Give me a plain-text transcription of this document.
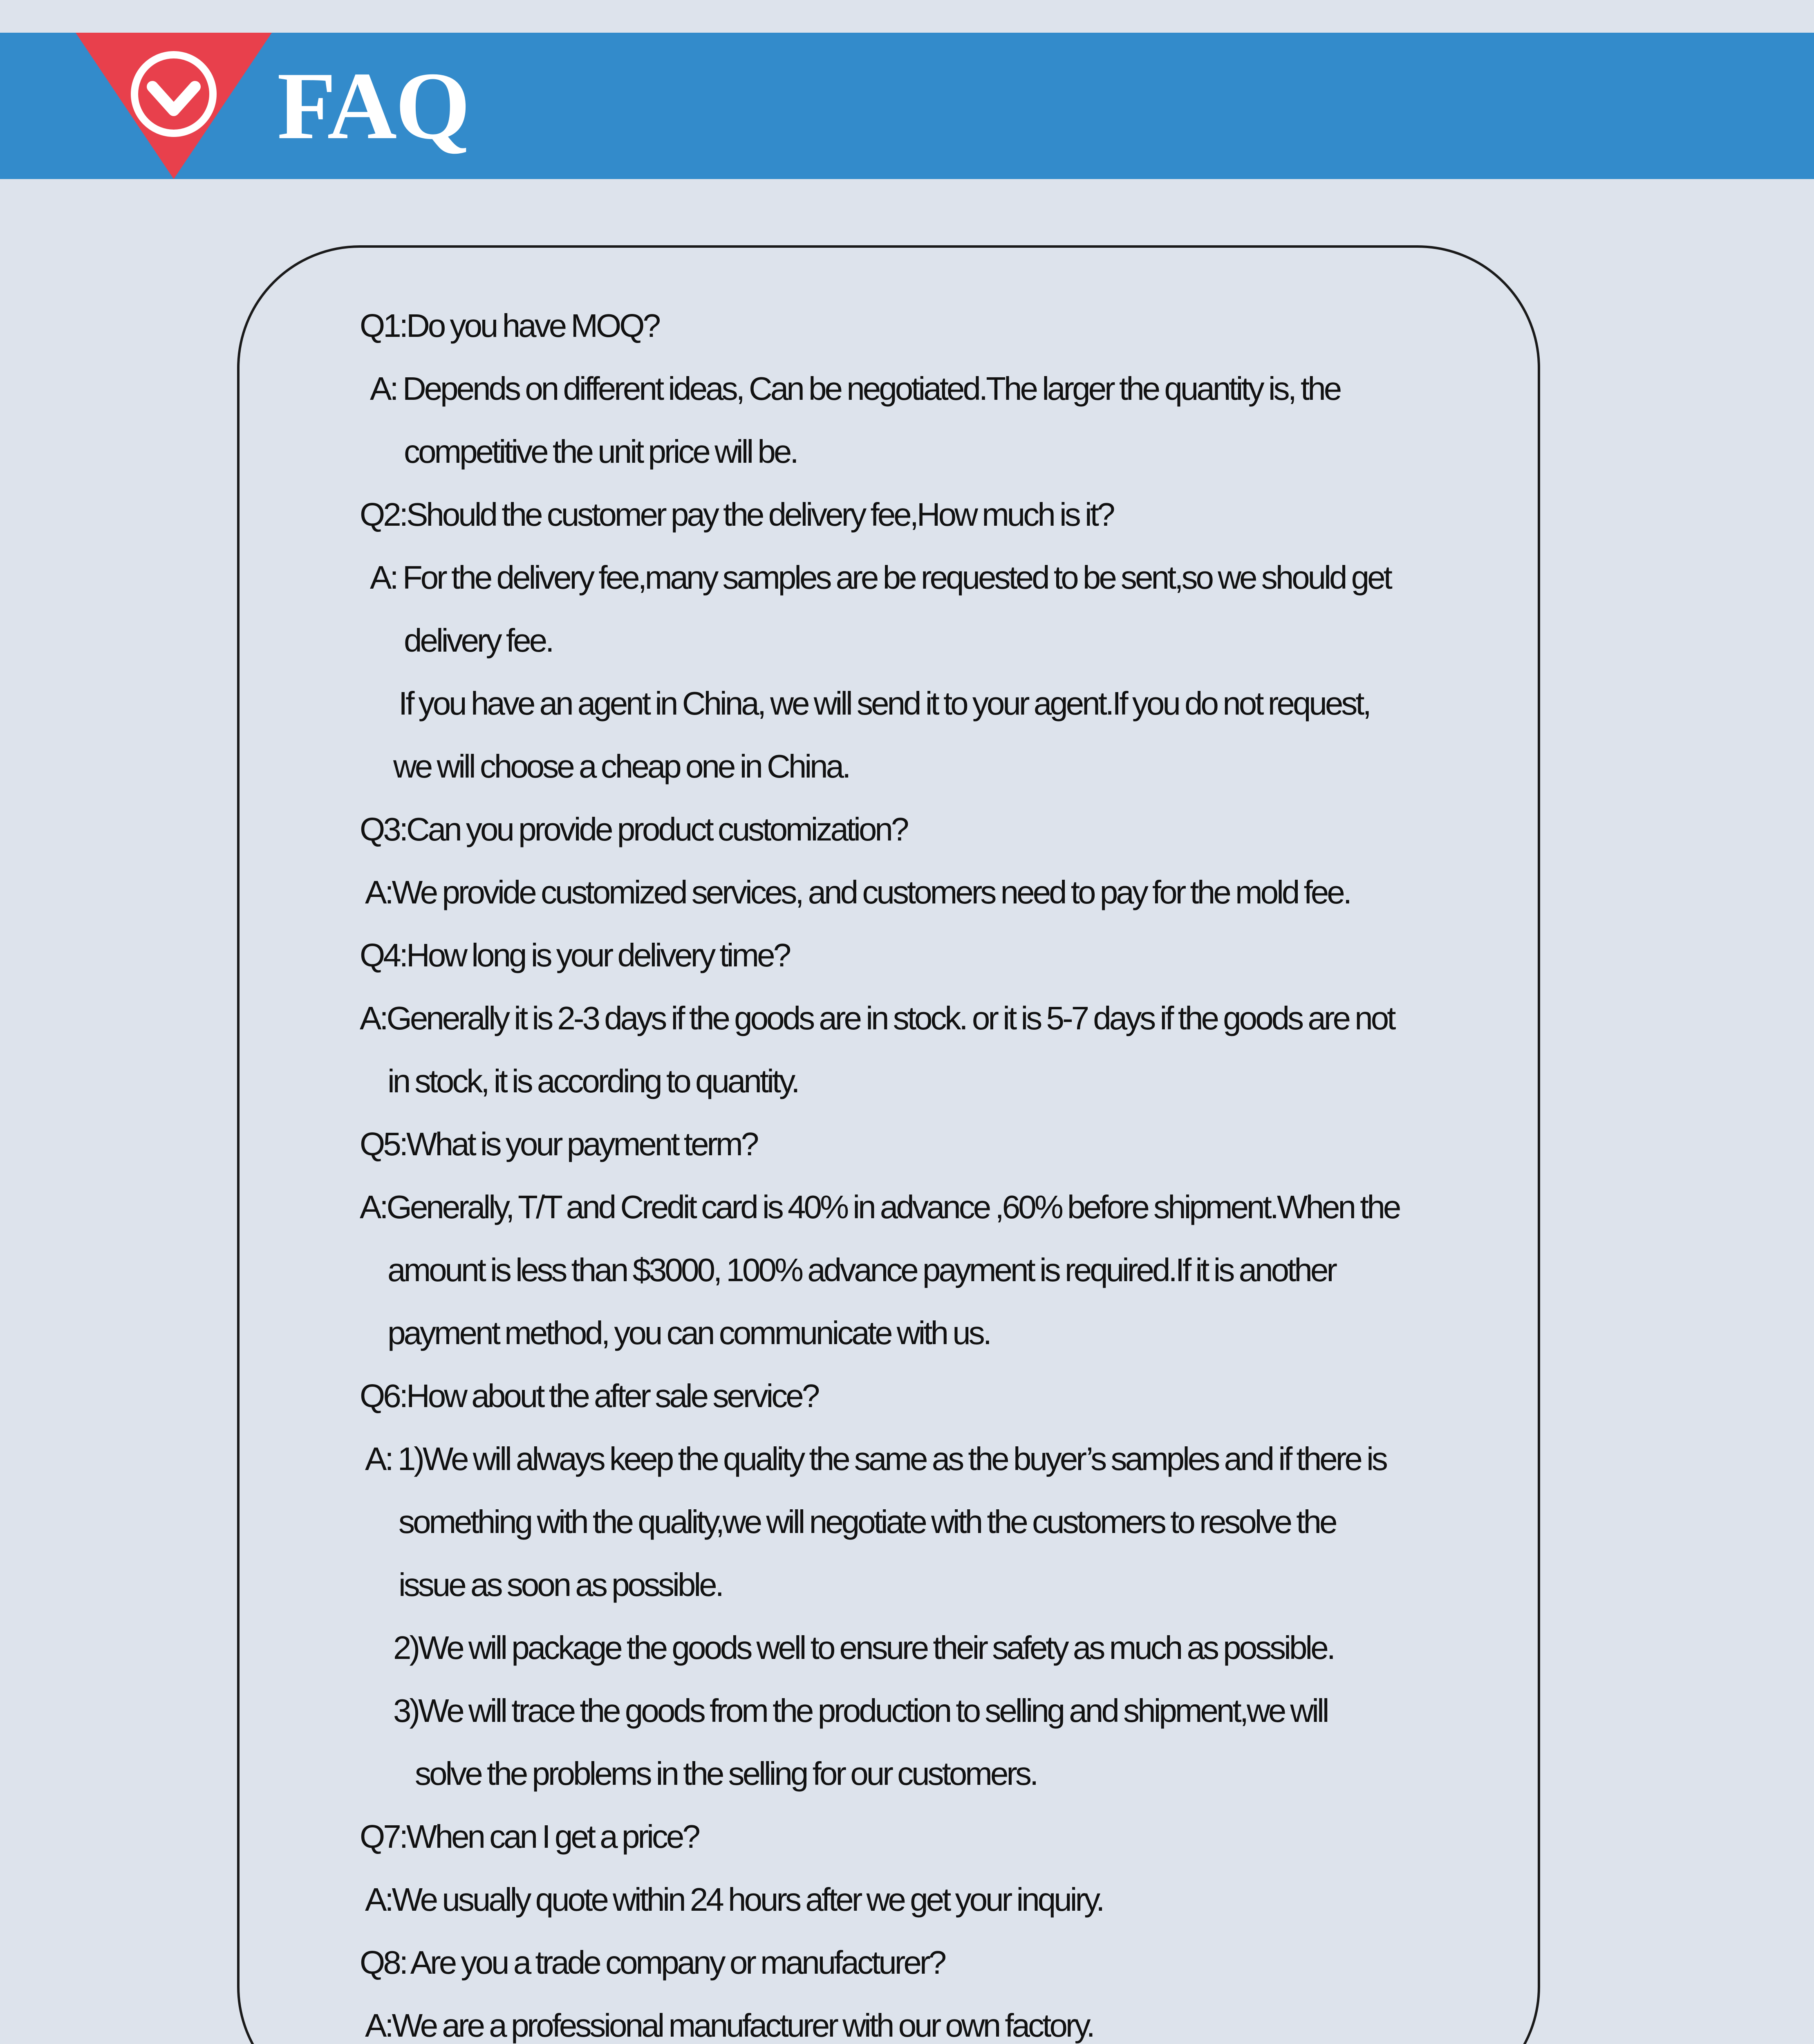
FAQ
Q1:Do you have MOQ?
A: Depends on different ideas, Can be negotiated.The larger the quantity is, the
competitive the unit price will be.
Q2:Should the customer pay the delivery fee,How much is it?
A: For the delivery fee,many samples are be requested to be sent,so we should get
delivery fee.
If you have an agent in China, we will send it to your agent.If you do not request,
we will choose a cheap one in China.
Q3:Can you provide product customization?
A:We provide customized services, and customers need to pay for the mold fee.
Q4:How long is your delivery time?
A:Generally it is 2-3 days if the goods are in stock. or it is 5-7 days if the goods are not
in stock, it is according to quantity.
Q5:What is your payment term?
A:Generally, T/T and Credit card is 40% in advance ,60% before shipment.When the
amount is less than $3000, 100% advance payment is required.If it is another
payment method, you can communicate with us.
Q6:How about the after sale service?
A: 1)We will always keep the quality the same as the buyer’s samples and if there is
something with the quality,we will negotiate with the customers to resolve the
issue as soon as possible.
2)We will package the goods well to ensure their safety as much as possible.
3)We will trace the goods from the production to selling and shipment,we will
solve the problems in the selling for our customers.
Q7:When can I get a price?
A:We usually quote within 24 hours after we get your inquiry.
Q8: Are you a trade company or manufacturer?
A:We are a professional manufacturer with our own factory.
